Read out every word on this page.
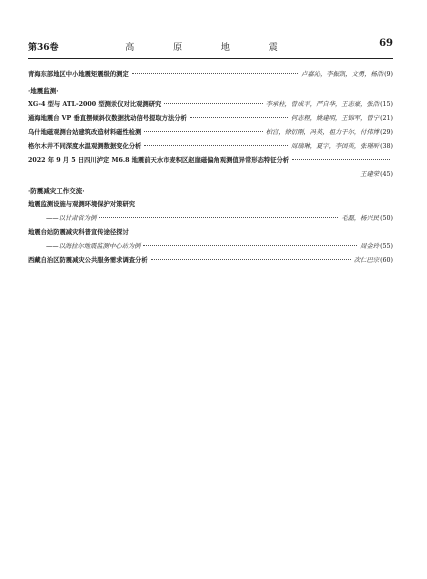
第36卷	高 原 地 震	69
青海东部地区中小地震矩震级的测定	卢嘉沁，李振凯，文勇，杨浩 (9)
·地震监测·
XG-4 型与 ATL-2000 型测汞仪对比观测研究	李承柱，曾成平，严自华，王志豪，张浩 (15)
通海地震台 VP 垂直摆倾斜仪数据扰动信号提取方法分析	何志程，姚建明，王锦军，曾宁 (21)
乌什地磁观测台站建筑改造材料磁性检测	柏宫，徐衍刚，冯英，祖力于尔，付伟博 (29)
格尔木井不同深度水温观测数据变化分析	周瑞琳，夏宇，李国英，张瑾昕 (38)
2022 年 9 月 5 日四川泸定 M6.8 地震前天水市麦积区赵崖磁偏角观测值异常形态特征分析
王建荣 (45)
·防震减灾工作交流·
地震监测设施与观测环境保护对策研究
——以甘肃省为例	毛磊，杨兴民 (50)
地震台站防震减灾科普宣传途径探讨
——以海拉尔地震监测中心站为例	周金玲 (55)
西藏自治区防震减灾公共服务需求调查分析	次仁巴宗 (60)
